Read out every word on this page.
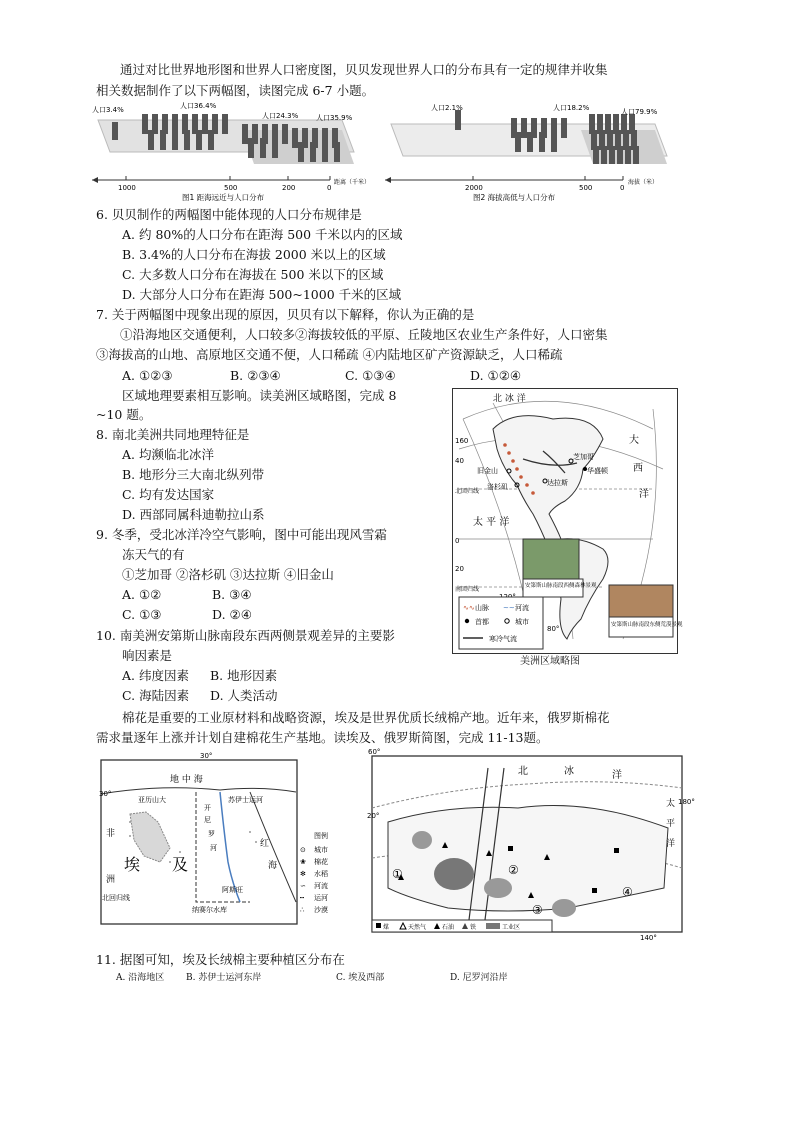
通过对比世界地形图和世界人口密度图，贝贝发现世界人口的分布具有一定的规律并收集
相关数据制作了以下两幅图，读图完成 6-7 小题。
人口3.4%	人口36.4%
人口24.3%	人口35.9%
1000	500	200	0
距离（千米）
图1 距海远近与人口分布
人口2.1%	人口18.2%	人口79.9%
2000	500	0
海拔（米）
图2 海拔高低与人口分布
6. 贝贝制作的两幅图中能体现的人口分布规律是
A. 约 80%的人口分布在距海 500 千米以内的区域
B. 3.4%的人口分布在海拔 2000 米以上的区域
C. 大多数人口分布在海拔在 500 米以下的区域
D. 大部分人口分布在距海 500~1000 千米的区域
7. 关于两幅图中现象出现的原因，贝贝有以下解释，你认为正确的是
①沿海地区交通便利，人口较多②海拔较低的平原、丘陵地区农业生产条件好，人口密集
③海拔高的山地、高原地区交通不便，人口稀疏 ④内陆地区矿产资源缺乏，人口稀疏
A. ①②③	B. ②③④	C. ①③④	D. ①②④
区域地理要素相互影响。读美洲区域略图，完成 8
~10 题。
8. 南北美洲共同地理特征是
A. 均濒临北冰洋
B. 地形分三大南北纵列带
C. 均有发达国家
D. 西部同属科迪勒拉山系
9. 冬季，受北冰洋冷空气影响，图中可能出现风雪霜
冻天气的有
①芝加哥 ②洛杉矶 ③达拉斯 ④旧金山
A. ①②	B. ③④
C. ①③	D. ②④
10. 南美洲安第斯山脉南段东西两侧景观差异的主要影
响因素是
A. 纬度因素 B. 地形因素
C. 海陆因素 D. 人类活动
北 冰 洋
大
西
洋
太 平 洋
芝加哥
华盛顿
旧金山
洛杉矶	达拉斯
160
40
北回归线
0
20
南回归线
80°
安第斯山脉南段西侧森林景观
安第斯山脉南段东侧荒漠景观
∿∿ 山脉 ~~ 河流
首都	城市
寒冷气流
美洲区域略图
棉花是重要的工业原材料和战略资源，埃及是世界优质长绒棉产地。近年来，俄罗斯棉花
需求量逐年上涨并计划自建棉花生产基地。读埃及、俄罗斯简图，完成 11-13题。
地 中 海
亚历山大	苏伊士运河
非
洲
埃 及
红
海
阿斯旺
纳赛尔水库
北回归线
开
尼
罗
河
30°
30°
图例
⊙ 城市
❀ 棉花
✻ 水稻
∽ 河流
┅ 运河
∴ 沙漠
北	冰	洋
太
平
洋
60°
20°
180°
140°
①	②
③
④
煤	天然气	石油	铁	工业区
11. 据图可知，埃及长绒棉主要种植区分布在
A. 沿海地区 B. 苏伊士运河东岸	C. 埃及西部	D. 尼罗河沿岸
